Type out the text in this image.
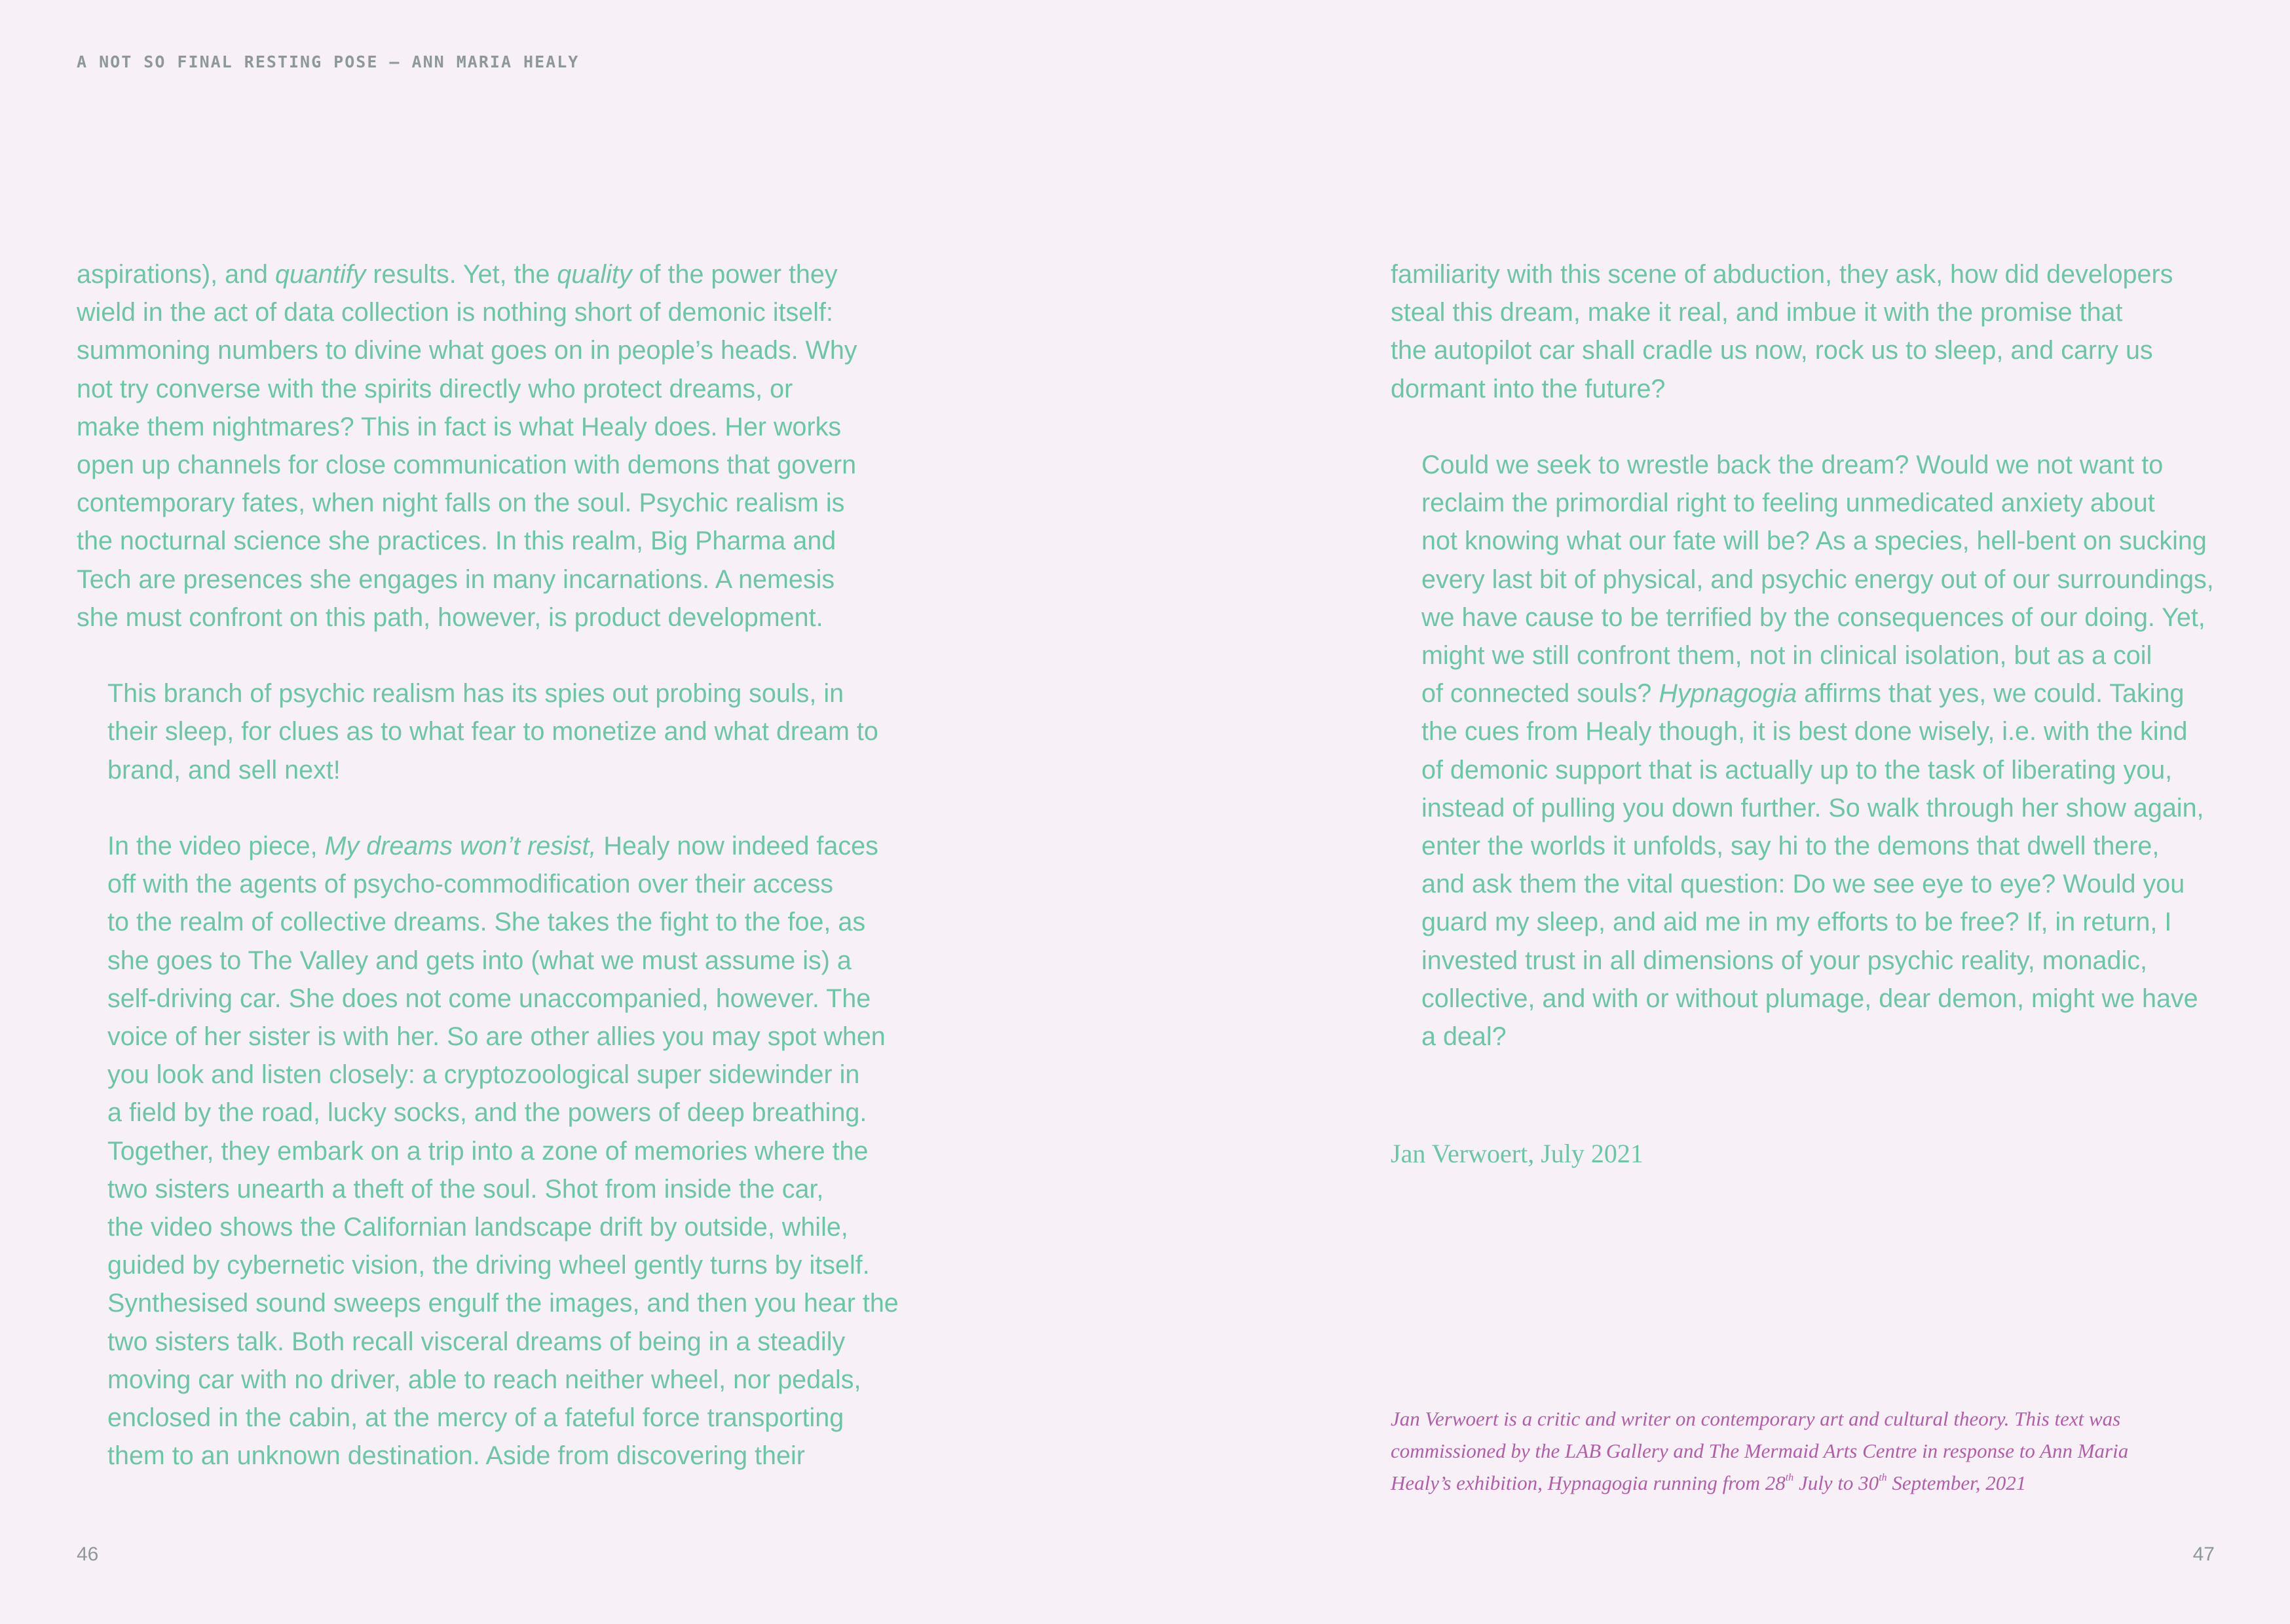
A NOT SO FINAL RESTING POSE – ANN MARIA HEALY

aspirations), and quantify results. Yet, the quality of the power they
wield in the act of data collection is nothing short of demonic itself:
summoning numbers to divine what goes on in people’s heads. Why
not try converse with the spirits directly who protect dreams, or
make them nightmares? This in fact is what Healy does. Her works
open up channels for close communication with demons that govern
contemporary fates, when night falls on the soul. Psychic realism is
the nocturnal science she practices. In this realm, Big Pharma and
Tech are presences she engages in many incarnations. A nemesis
she must confront on this path, however, is product development.

This branch of psychic realism has its spies out probing souls, in
their sleep, for clues as to what fear to monetize and what dream to
brand, and sell next!

In the video piece, My dreams won’t resist, Healy now indeed faces
off with the agents of psycho-commodification over their access
to the realm of collective dreams. She takes the fight to the foe, as
she goes to The Valley and gets into (what we must assume is) a
self-driving car. She does not come unaccompanied, however. The
voice of her sister is with her. So are other allies you may spot when
you look and listen closely: a cryptozoological super sidewinder in
a field by the road, lucky socks, and the powers of deep breathing.
Together, they embark on a trip into a zone of memories where the
two sisters unearth a theft of the soul. Shot from inside the car,
the video shows the Californian landscape drift by outside, while,
guided by cybernetic vision, the driving wheel gently turns by itself.
Synthesised sound sweeps engulf the images, and then you hear the
two sisters talk. Both recall visceral dreams of being in a steadily
moving car with no driver, able to reach neither wheel, nor pedals,
enclosed in the cabin, at the mercy of a fateful force transporting
them to an unknown destination. Aside from discovering their

familiarity with this scene of abduction, they ask, how did developers
steal this dream, make it real, and imbue it with the promise that
the autopilot car shall cradle us now, rock us to sleep, and carry us
dormant into the future?

Could we seek to wrestle back the dream? Would we not want to
reclaim the primordial right to feeling unmedicated anxiety about
not knowing what our fate will be? As a species, hell-bent on sucking
every last bit of physical, and psychic energy out of our surroundings,
we have cause to be terrified by the consequences of our doing. Yet,
might we still confront them, not in clinical isolation, but as a coil
of connected souls? Hypnagogia affirms that yes, we could. Taking
the cues from Healy though, it is best done wisely, i.e. with the kind
of demonic support that is actually up to the task of liberating you,
instead of pulling you down further. So walk through her show again,
enter the worlds it unfolds, say hi to the demons that dwell there,
and ask them the vital question: Do we see eye to eye? Would you
guard my sleep, and aid me in my efforts to be free? If, in return, I
invested trust in all dimensions of your psychic reality, monadic,
collective, and with or without plumage, dear demon, might we have
a deal?

Jan Verwoert, July 2021
Jan Verwoert is a critic and writer on contemporary art and cultural theory. This text was
commissioned by the LAB Gallery and The Mermaid Arts Centre in response to Ann Maria
Healy’s exhibition, Hypnagogia running from 28th July to 30th September, 2021
46	47
